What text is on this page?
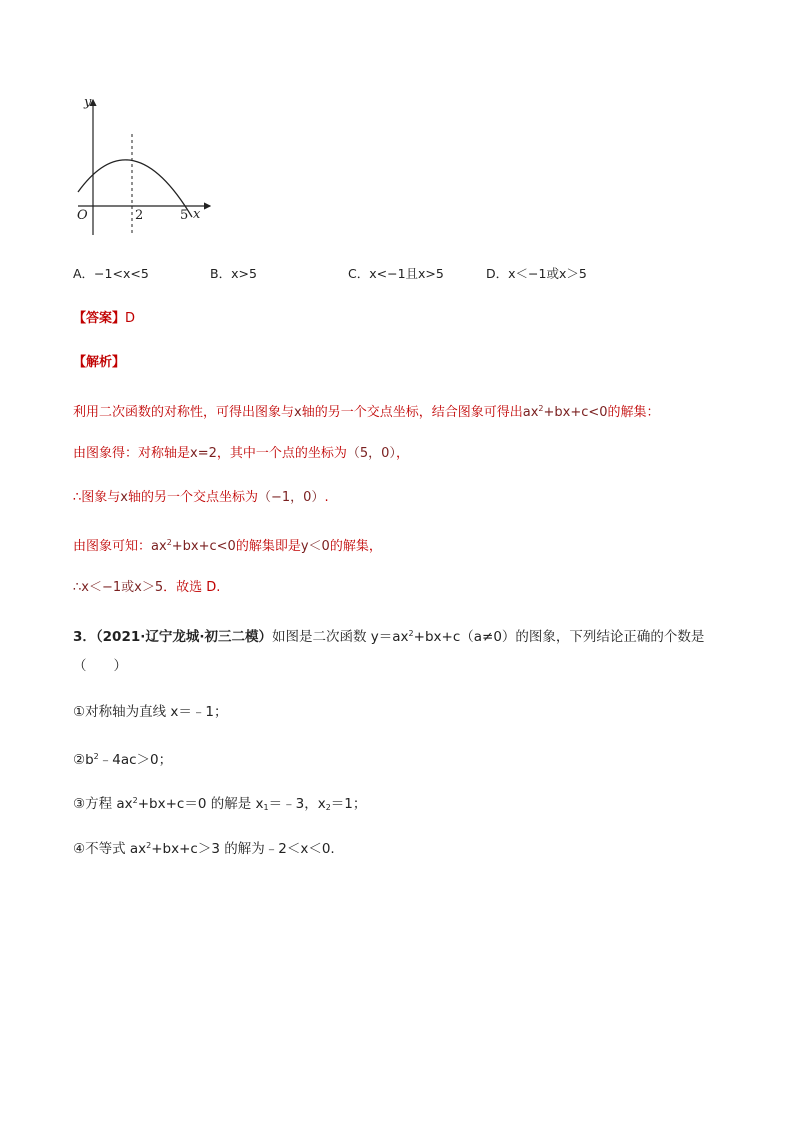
y
x
O	2	5
A．−1<x<5	B．x>5	C．x<−1且x>5	D．x＜−1或x＞5
【答案】D
【解析】
利用二次函数的对称性，可得出图象与x轴的另一个交点坐标，结合图象可得出$ax^2+bx+c<0$的解集：
由图象得：对称轴是x=2，其中一个点的坐标为（5，0），
∴图象与x轴的另一个交点坐标为（−1，0）.
由图象可知：$ax^2+bx+c<0$的解集即是y＜0的解集，
∴x＜−1或x＞5．故选 D.
3．（2021·辽宁龙城·初三二模）如图是二次函数 $y=ax^2+bx+c(a\ne 0)$的图象，下列结论正确的个数是
（　　）
①对称轴为直线 x＝﹣1；
$②b^2﹣4ac>0$；
③方程 $ax^2+bx+c=0$ 的解是 $x_1=﹣3$，$x_2=1$；
④不等式 $ax^2+bx+c>3$ 的解为﹣2＜x＜0.
